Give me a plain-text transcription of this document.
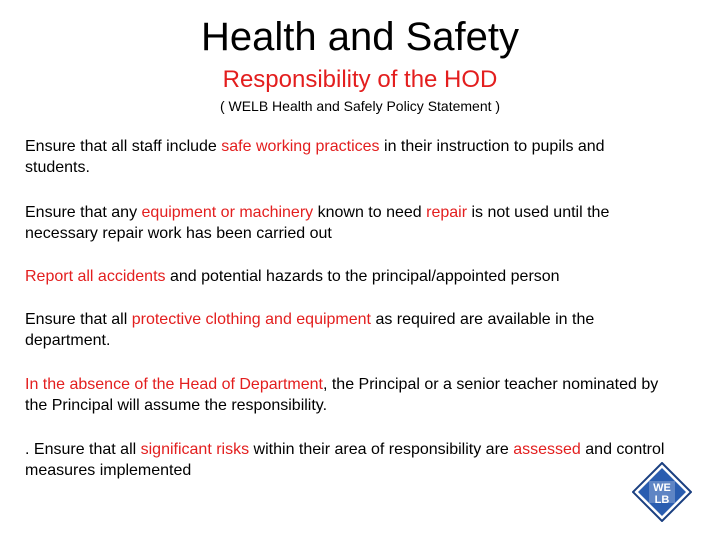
Health and Safety
Responsibility of the HOD
( WELB Health and Safely Policy Statement )
Ensure that all staff include safe working practices in their instruction to pupils and students.
Ensure that any equipment or machinery known to need repair is not used until the necessary repair work has been carried out
Report all accidents and potential hazards to the principal/appointed person
Ensure that all protective clothing and equipment as required are available in the department.
In the absence of the Head of Department, the Principal or a senior teacher nominated by the Principal will assume the responsibility.
. Ensure that all significant risks within their area of responsibility are assessed and control measures implemented
WE
LB
